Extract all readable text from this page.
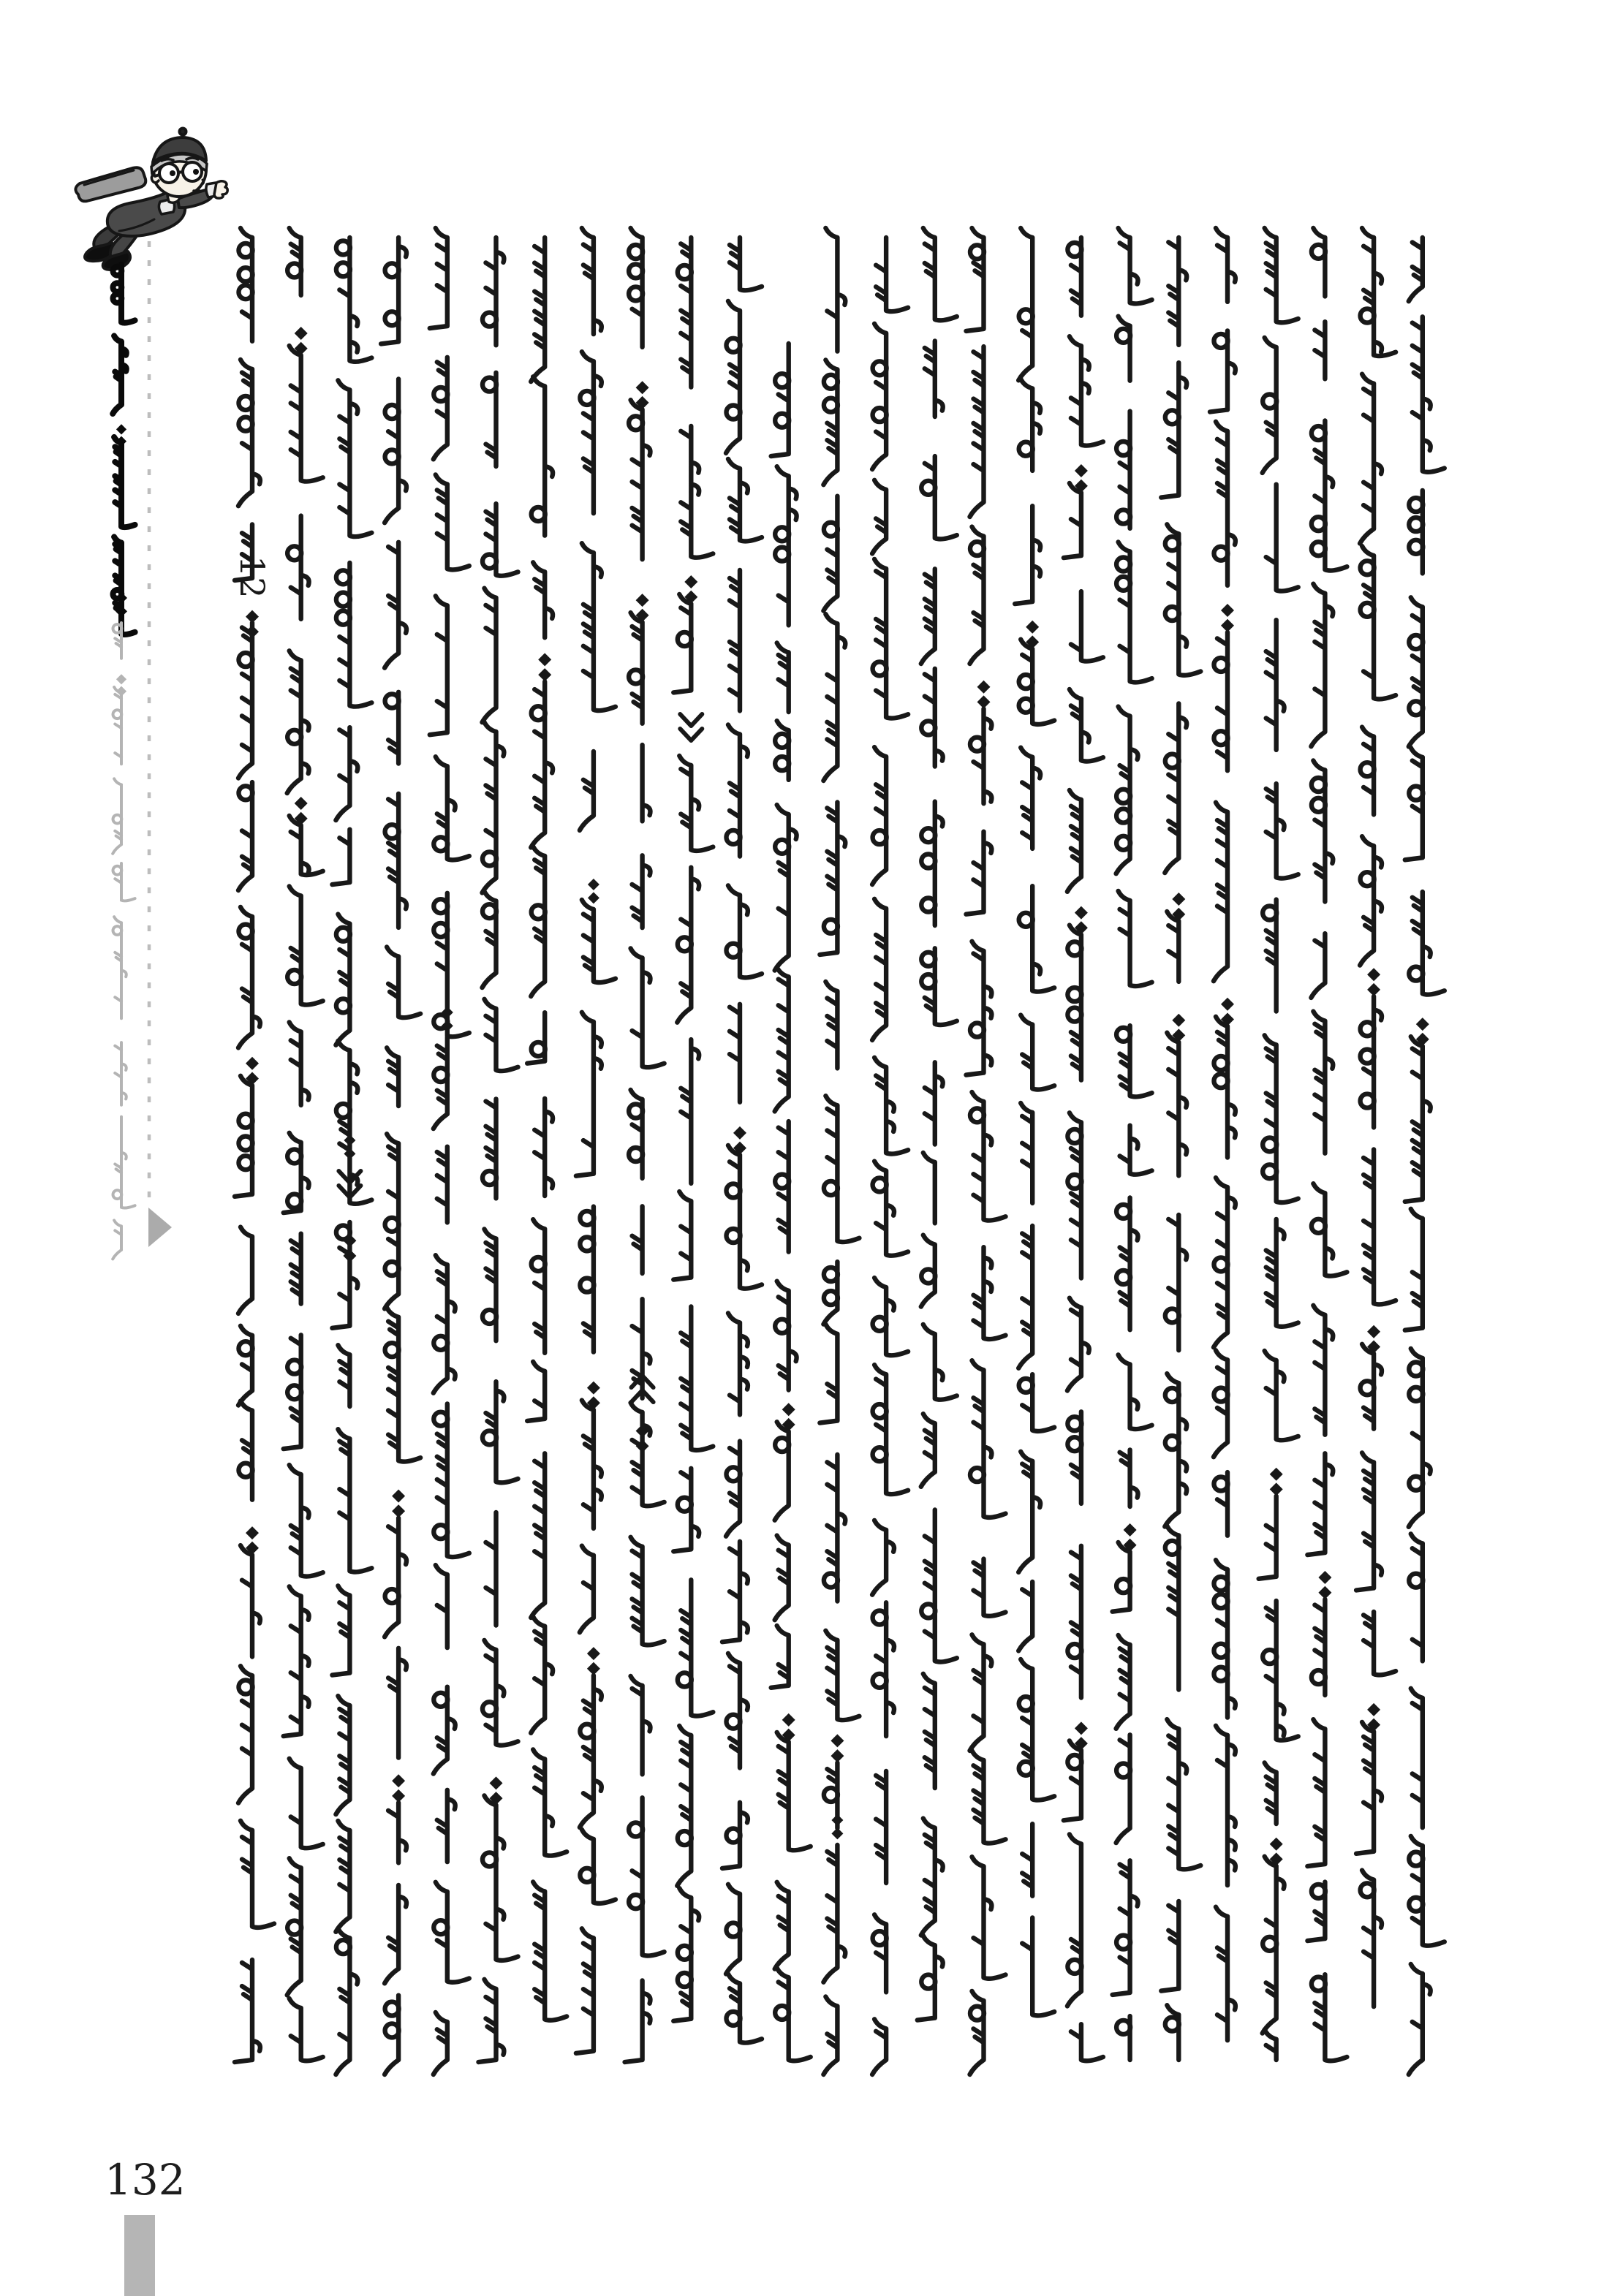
12
132
